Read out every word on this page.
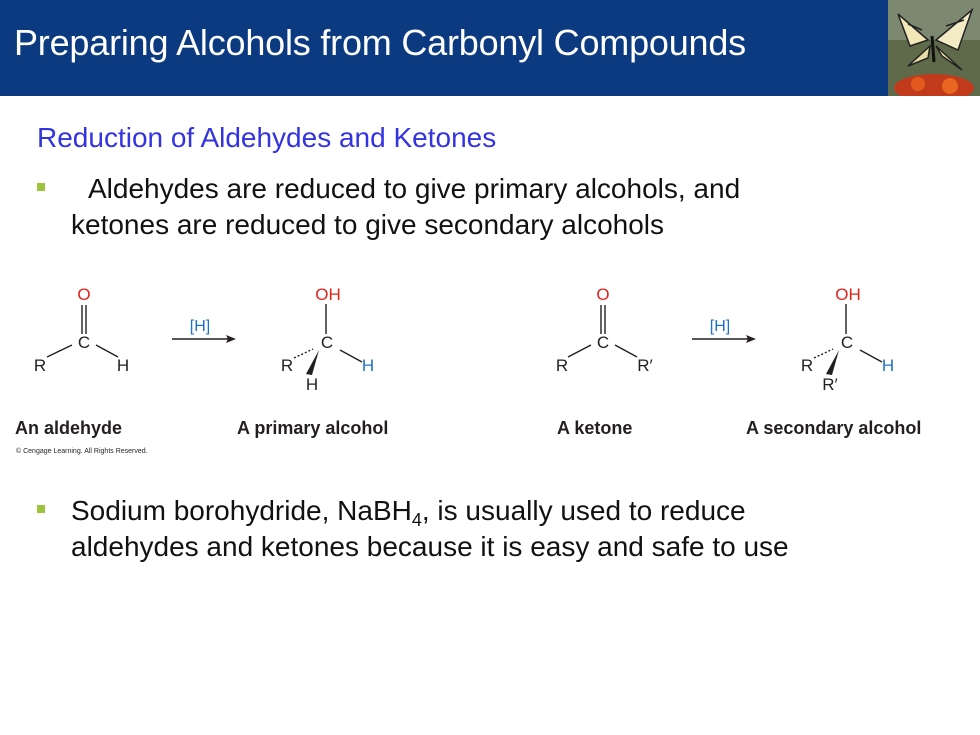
Preparing Alcohols from Carbonyl Compounds
Reduction of Aldehydes and Ketones
Aldehydes are reduced to give primary alcohols, and
ketones are reduced to give secondary alcohols
O
C
R	H
[H]
OH
C
R	H
H
O
C
R	R′
[H]
OH
C
R	H
R′
An aldehyde	A primary alcohol	A ketone	A secondary alcohol
© Cengage Learning. All Rights Reserved.
Sodium borohydride, NaBH$_4$, is usually used to reduce
aldehydes and ketones because it is easy and safe to use
